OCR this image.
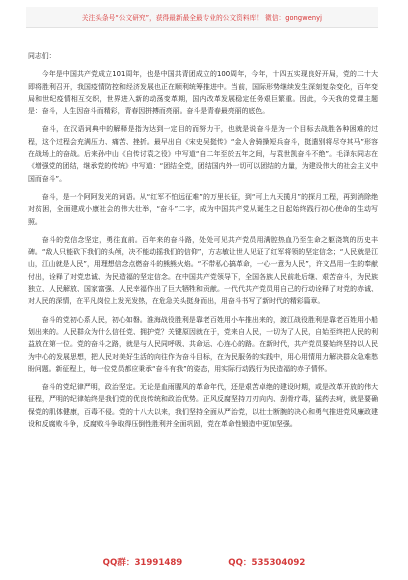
关注头条号“公文研究”，获得最新最全最专业的公文资料库！ 微信：gongwenyj

同志们：

今年是中国共产党成立101周年，也是中国共青团成立的100周年，今年，十四五实现良好开局，党的二十大即将胜利召开，我国疫情防控和经济发展也正在顺利统筹推进中。当前，国际形势继续发生深刻复杂变化，百年变局和世纪疫情相互交织，世界进入新的动荡变革期，国内改革发展稳定任务艰巨繁重。因此，今天我的党课主题是：奋斗，人生因奋斗而精彩，青春因拼搏而亮丽。奋斗是青春最亮丽的底色。

奋斗，在汉语词典中的解释是指为达到一定目的而努力干，也就是说奋斗是为一个目标去战胜各种困难的过程，这个过程会充满压力、痛苦、挫折。最早出自《宋史吴挺传》“金人舍骑操短兵奋斗，挺遣别将尽夺其马”形容在战场上的奋战。后来孙中山《自传讨袁之役》中写道“自二年至於五年之间，与袁世凯奋斗不绝”。毛泽东同志在《增强党的团结，继承党的传统》中写道：“团结全党，团结国内外一切可以团结的力量，为建设伟大的社会主义中国而奋斗”。

奋斗，是一个阿阿发光的词语。从“红军不怕远征难”的万里长征，到“可上九天揽月”的探月工程，再到消除绝对贫困，全面建成小康社会的伟大壮举，“奋斗”二字，成为中国共产党从诞生之日起始终践行初心使命的生动写照。

奋斗的党信念坚定，勇往直前。百年来的奋斗路，处处可见共产党员用满腔热血乃至生命之躯浇筑的历史丰碑。“敌人只能砍下我们的头颅，决不能动摇我们的信仰”，方志敏让世人见证了红军将领的坚定信念；“人民就是江山，江山就是人民”，用理想信念点燃奋斗的熊熊火焰。“不带私心搞革命，一心一意为人民”，许文昌用一生的奉献付出，诠释了对党忠诚、为民造福的坚定信念。在中国共产党领导下，全国各族人民前赴后继、艰苦奋斗，为民族独立、人民解放、国家富强、人民幸福作出了巨大牺牲和贡献。一代代共产党员用自己的行动诠释了对党的赤诚、对人民的深情，在平凡岗位上发光发热，在危急关头挺身而出，用奋斗书写了新时代的精彩篇章。

奋斗的党初心系人民，初心如磐。淮海战役胜利是靠老百姓用小车推出来的，渡江战役胜利是靠老百姓用小船划出来的。人民群众为什么信任党、拥护党？关键原因就在于，党来自人民，一切为了人民，自始至终把人民的利益放在第一位。党的奋斗之路，就是与人民同呼吸、共命运、心连心的路。在新时代，共产党员要始终坚持以人民为中心的发展思想，把人民对美好生活的向往作为奋斗目标，在为民服务的实践中，用心用情用力解决群众急难愁盼问题。新征程上，每一位党员都应秉承“奋斗有我”的姿态，用实际行动践行为民造福的赤子情怀。

奋斗的党纪律严明，政治坚定。无论是血雨腥风的革命年代，还是艰苦卓绝的建设时期，或是改革开放的伟大征程，严明的纪律始终是我们党的优良传统和政治优势。正风反腐坚持刀刃向内、刮骨疗毒，猛药去疴，就是要确保党的肌体健康，百毒不侵。党的十八大以来，我们坚持全面从严治党，以壮士断腕的决心和勇气推进党风廉政建设和反腐败斗争，反腐败斗争取得压倒性胜利并全面巩固，党在革命性锻造中更加坚强。

QQ群：31991489	QQ：535304092
